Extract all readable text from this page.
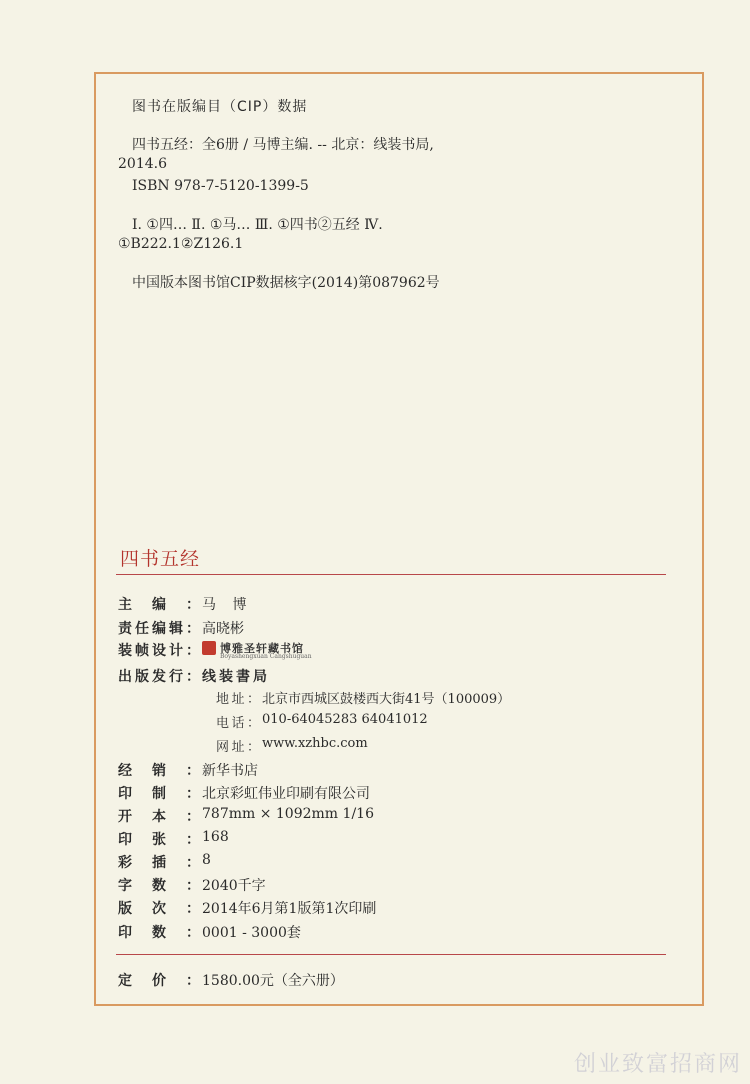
图书在版编目（CIP）数据
四书五经：全6册 / 马博主编. -- 北京：线装书局,
2014.6
ISBN 978-7-5120-1399-5
Ⅰ. ①四… Ⅱ. ①马… Ⅲ. ①四书②五经 Ⅳ.
①B222.1②Z126.1
中国版本图书馆CIP数据核字(2014)第087962号
四书五经
主 编 ： 马 博
责 任 编 辑 ： 高晓彬
装 帧 设 计 ：	博雅圣轩藏书馆
Boyashengxuan Cangshuguan
出 版 发 行 ： 线装書局
地 址 ： 北京市西城区鼓楼西大街41号（100009）
电 话 ： 010-64045283 64041012
网 址 ： www.xzhbc.com
经 销 ： 新华书店
印 制 ： 北京彩虹伟业印刷有限公司
开 本 ： 787mm × 1092mm 1/16
印 张 ： 168
彩 插 ： 8
字 数 ： 2040千字
版 次 ： 2014年6月第1版第1次印刷
印 数 ： 0001 - 3000套
定 价 ： 1580.00元（全六册）
创业致富招商网
